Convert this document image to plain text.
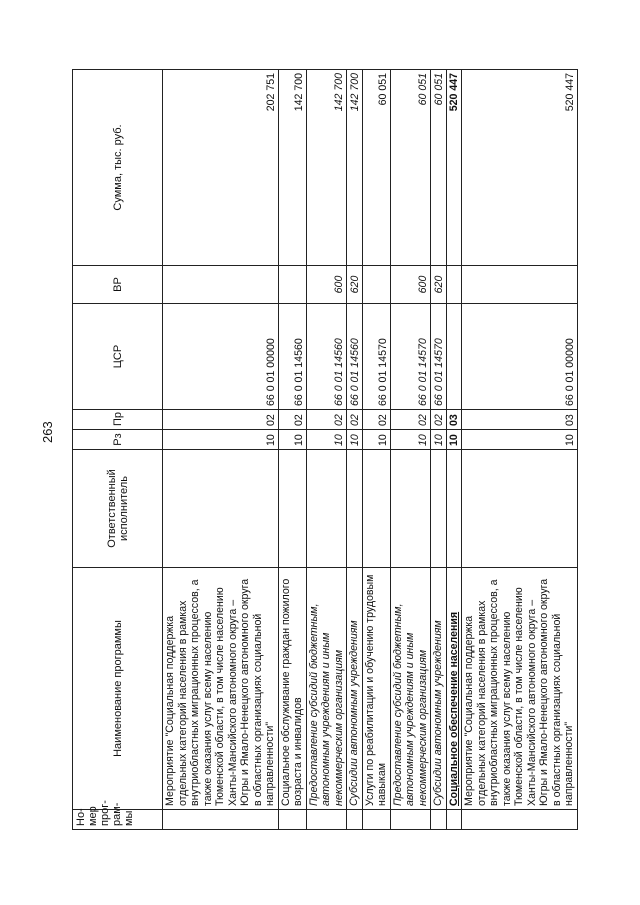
263
Но-мер прог-рам-мы	Наименование программы	Ответственный исполнитель	Рз	Пр	ЦСР	ВР	Сумма, тыс. руб.
	Мероприятие "Социальная поддержка отдельных категорий населения в рамках внутриобластных миграционных процессов, а также оказания услуг всему населению Тюменской области, в том числе населению Ханты-Мансийского автономного округа – Югры и Ямало-Ненецкого автономного округа в областных организациях социальной направленности"		10	02	66 0 01 00000		202 751
	Социальное обслуживание граждан пожилого возраста и инвалидов		10	02	66 0 01 14560		142 700
	Предоставление субсидий бюджетным, автономным учреждениям и иным некоммерческим организациям		10	02	66 0 01 14560	600	142 700
	Субсидии автономным учреждениям		10	02	66 0 01 14560	620	142 700
	Услуги по реабилитации и обучению трудовым навыкам		10	02	66 0 01 14570		60 051
	Предоставление субсидий бюджетным, автономным учреждениям и иным некоммерческим организациям		10	02	66 0 01 14570	600	60 051
	Субсидии автономным учреждениям		10	02	66 0 01 14570	620	60 051
	Социальное обеспечение населения		10	03			520 447
	Мероприятие "Социальная поддержка отдельных категорий населения в рамках внутриобластных миграционных процессов, а также оказания услуг всему населению Тюменской области, в том числе населению Ханты-Мансийского автономного округа – Югры и Ямало-Ненецкого автономного округа в областных организациях социальной направленности"		10	03	66 0 01 00000		520 447
